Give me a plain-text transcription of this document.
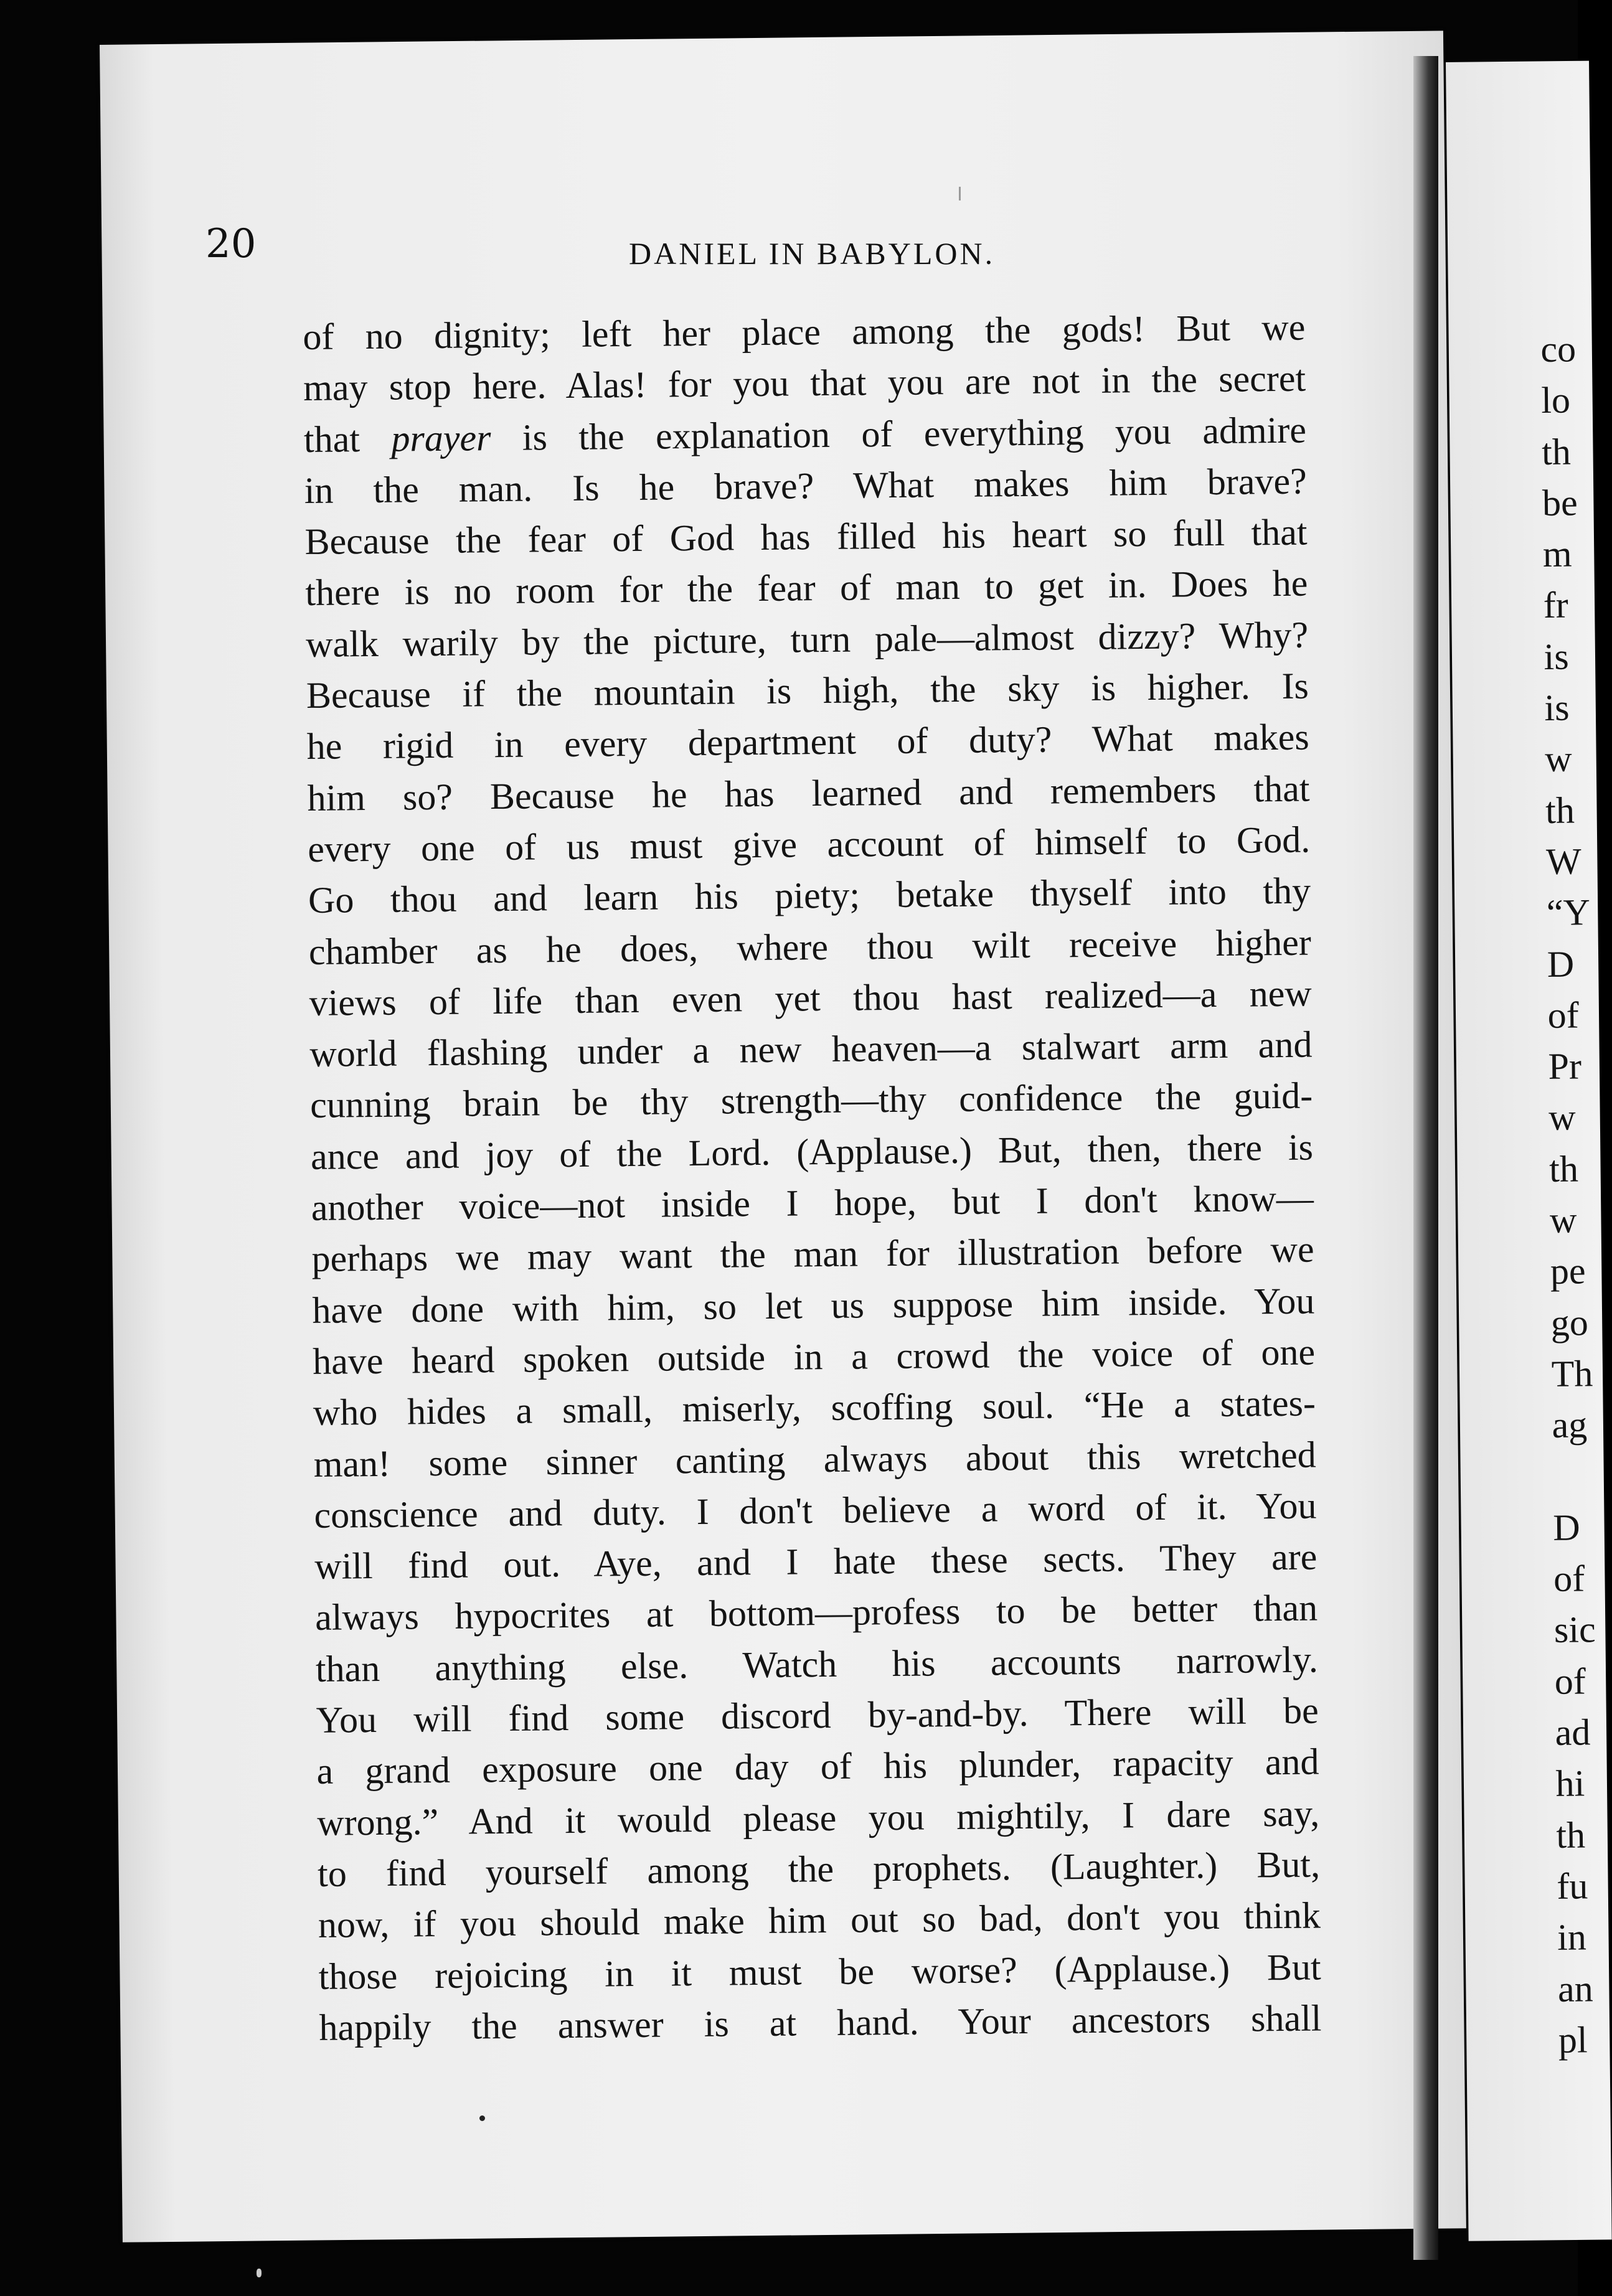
20	DANIEL IN BABYLON.
of no dignity; left her place among the gods! But we
may stop here. Alas! for you that you are not in the secret
that prayer is the explanation of everything you admire
in the man. Is he brave? What makes him brave?
Because the fear of God has filled his heart so full that
there is no room for the fear of man to get in. Does he
walk warily by the picture, turn pale—almost dizzy? Why?
Because if the mountain is high, the sky is higher. Is
he rigid in every department of duty? What makes
him so? Because he has learned and remembers that
every one of us must give account of himself to God.
Go thou and learn his piety; betake thyself into thy
chamber as he does, where thou wilt receive higher
views of life than even yet thou hast realized—a new
world flashing under a new heaven—a stalwart arm and
cunning brain be thy strength—thy confidence the guid-
ance and joy of the Lord. (Applause.) But, then, there is
another voice—not inside I hope, but I don't know—
perhaps we may want the man for illustration before we
have done with him, so let us suppose him inside. You
have heard spoken outside in a crowd the voice of one
who hides a small, miserly, scoffing soul. “He a states-
man! some sinner canting always about this wretched
conscience and duty. I don't believe a word of it. You
will find out. Aye, and I hate these sects. They are
always hypocrites at bottom—profess to be better than
than anything else. Watch his accounts narrowly.
You will find some discord by-and-by. There will be
a grand exposure one day of his plunder, rapacity and
wrong.” And it would please you mightily, I dare say,
to find yourself among the prophets. (Laughter.) But,
now, if you should make him out so bad, don't you think
those rejoicing in it must be worse? (Applause.) But
happily the answer is at hand. Your ancestors shall
co
lo
th
be
m
fr
is
is
w
th
W
“Y
D
of
Pr
w
th
w
pe
go
Th
ag
D
of
sic
of
ad
hi
th
fu
in
an
pl
